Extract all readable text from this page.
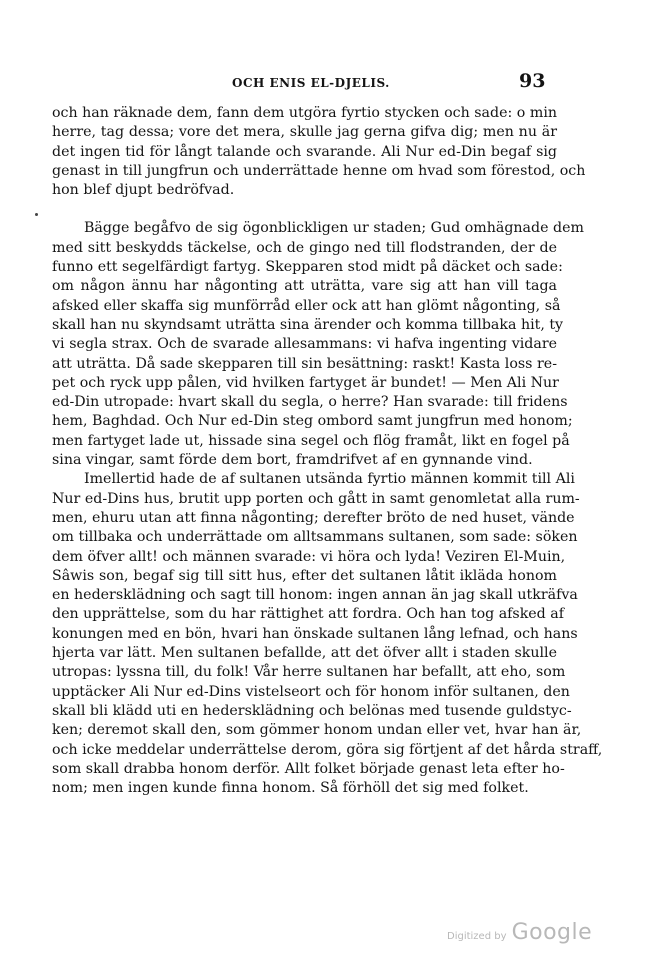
OCH ENIS EL-DJELIS.	93
och han räknade dem, fann dem utgöra fyrtio stycken och sade: o min
herre, tag dessa; vore det mera, skulle jag gerna gifva dig; men nu är
det ingen tid för långt talande och svarande. Ali Nur ed-Din begaf sig
genast in till jungfrun och underrättade henne om hvad som förestod, och
hon blef djupt bedröfvad.
Bägge begåfvo de sig ögonblickligen ur staden; Gud omhägnade dem
med sitt beskydds täckelse, och de gingo ned till flodstranden, der de
funno ett segelfärdigt fartyg. Skepparen stod midt på däcket och sade:
om någon ännu har någonting att uträtta, vare sig att han vill taga
afsked eller skaffa sig munförråd eller ock att han glömt någonting, så
skall han nu skyndsamt uträtta sina ärender och komma tillbaka hit, ty
vi segla strax. Och de svarade allesammans: vi hafva ingenting vidare
att uträtta. Då sade skepparen till sin besättning: raskt! Kasta loss re-
pet och ryck upp pålen, vid hvilken fartyget är bundet! — Men Ali Nur
ed-Din utropade: hvart skall du segla, o herre? Han svarade: till fridens
hem, Baghdad. Och Nur ed-Din steg ombord samt jungfrun med honom;
men fartyget lade ut, hissade sina segel och flög framåt, likt en fogel på
sina vingar, samt förde dem bort, framdrifvet af en gynnande vind.
Imellertid hade de af sultanen utsända fyrtio männen kommit till Ali
Nur ed-Dins hus, brutit upp porten och gått in samt genomletat alla rum-
men, ehuru utan att finna någonting; derefter bröto de ned huset, vände
om tillbaka och underrättade om alltsammans sultanen, som sade: söken
dem öfver allt! och männen svarade: vi höra och lyda! Veziren El-Muin,
Sâwis son, begaf sig till sitt hus, efter det sultanen låtit ikläda honom
en hedersklädning och sagt till honom: ingen annan än jag skall utkräfva
den upprättelse, som du har rättighet att fordra. Och han tog afsked af
konungen med en bön, hvari han önskade sultanen lång lefnad, och hans
hjerta var lätt. Men sultanen befallde, att det öfver allt i staden skulle
utropas: lyssna till, du folk! Vår herre sultanen har befallt, att eho, som
upptäcker Ali Nur ed-Dins vistelseort och för honom inför sultanen, den
skall bli klädd uti en hedersklädning och belönas med tusende guldstyc-
ken; deremot skall den, som gömmer honom undan eller vet, hvar han är,
och icke meddelar underrättelse derom, göra sig förtjent af det hårda straff,
som skall drabba honom derför. Allt folket började genast leta efter ho-
nom; men ingen kunde finna honom. Så förhöll det sig med folket.
Digitized by Google
